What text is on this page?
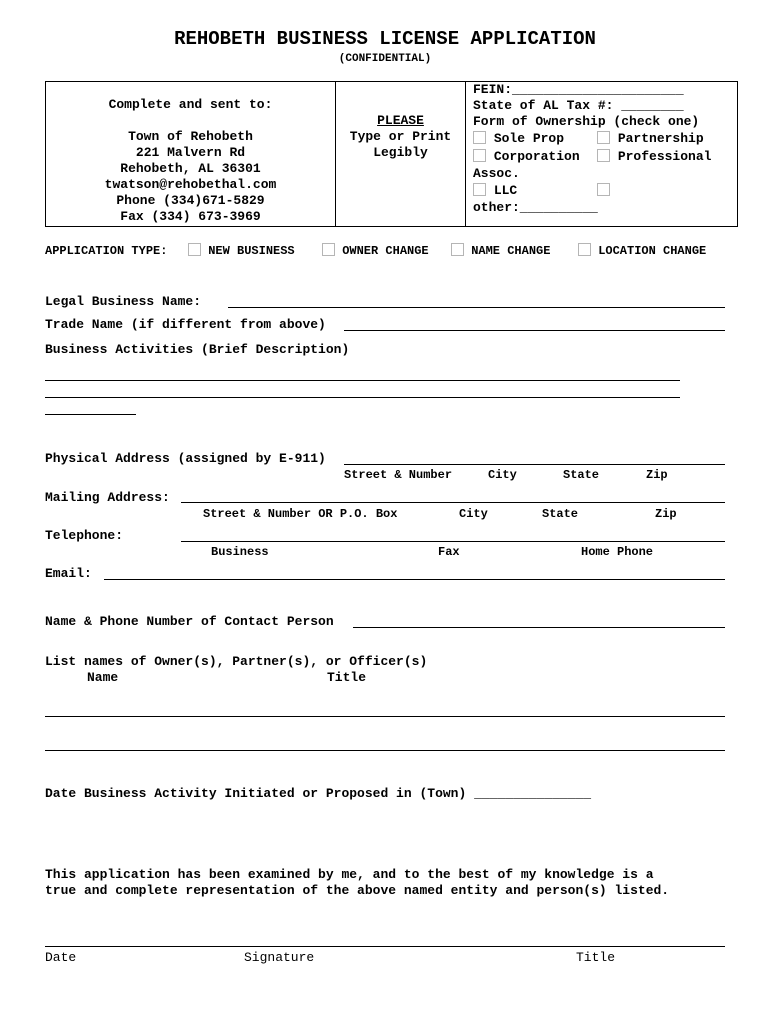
REHOBETH BUSINESS LICENSE APPLICATION
(CONFIDENTIAL)
Complete and sent to:
Town of Rehobeth
221 Malvern Rd
Rehobeth, AL 36301
twatson@rehobethal.com
Phone (334)671-5829
Fax (334) 673-3969
PLEASE
Type or Print
Legibly
FEIN:______________________
State of AL Tax #: ________
Form of Ownership (check one)
Sole Prop	Partnership
Corporation	Professional
Assoc.
LLC
other:__________
APPLICATION TYPE:	NEW BUSINESS	OWNER CHANGE	NAME CHANGE	LOCATION CHANGE
Legal Business Name:
Trade Name (if different from above)
Business Activities (Brief Description)
Physical Address (assigned by E-911)
Street & Number	City	State	Zip
Mailing Address:
Street & Number OR P.O. Box	City	State	Zip
Telephone:
Business	Fax	Home Phone
Email:
Name & Phone Number of Contact Person
List names of Owner(s), Partner(s), or Officer(s)
Name	Title
Date Business Activity Initiated or Proposed in (Town) _______________
This application has been examined by me, and to the best of my knowledge is a
true and complete representation of the above named entity and person(s) listed.
Date	Signature	Title
